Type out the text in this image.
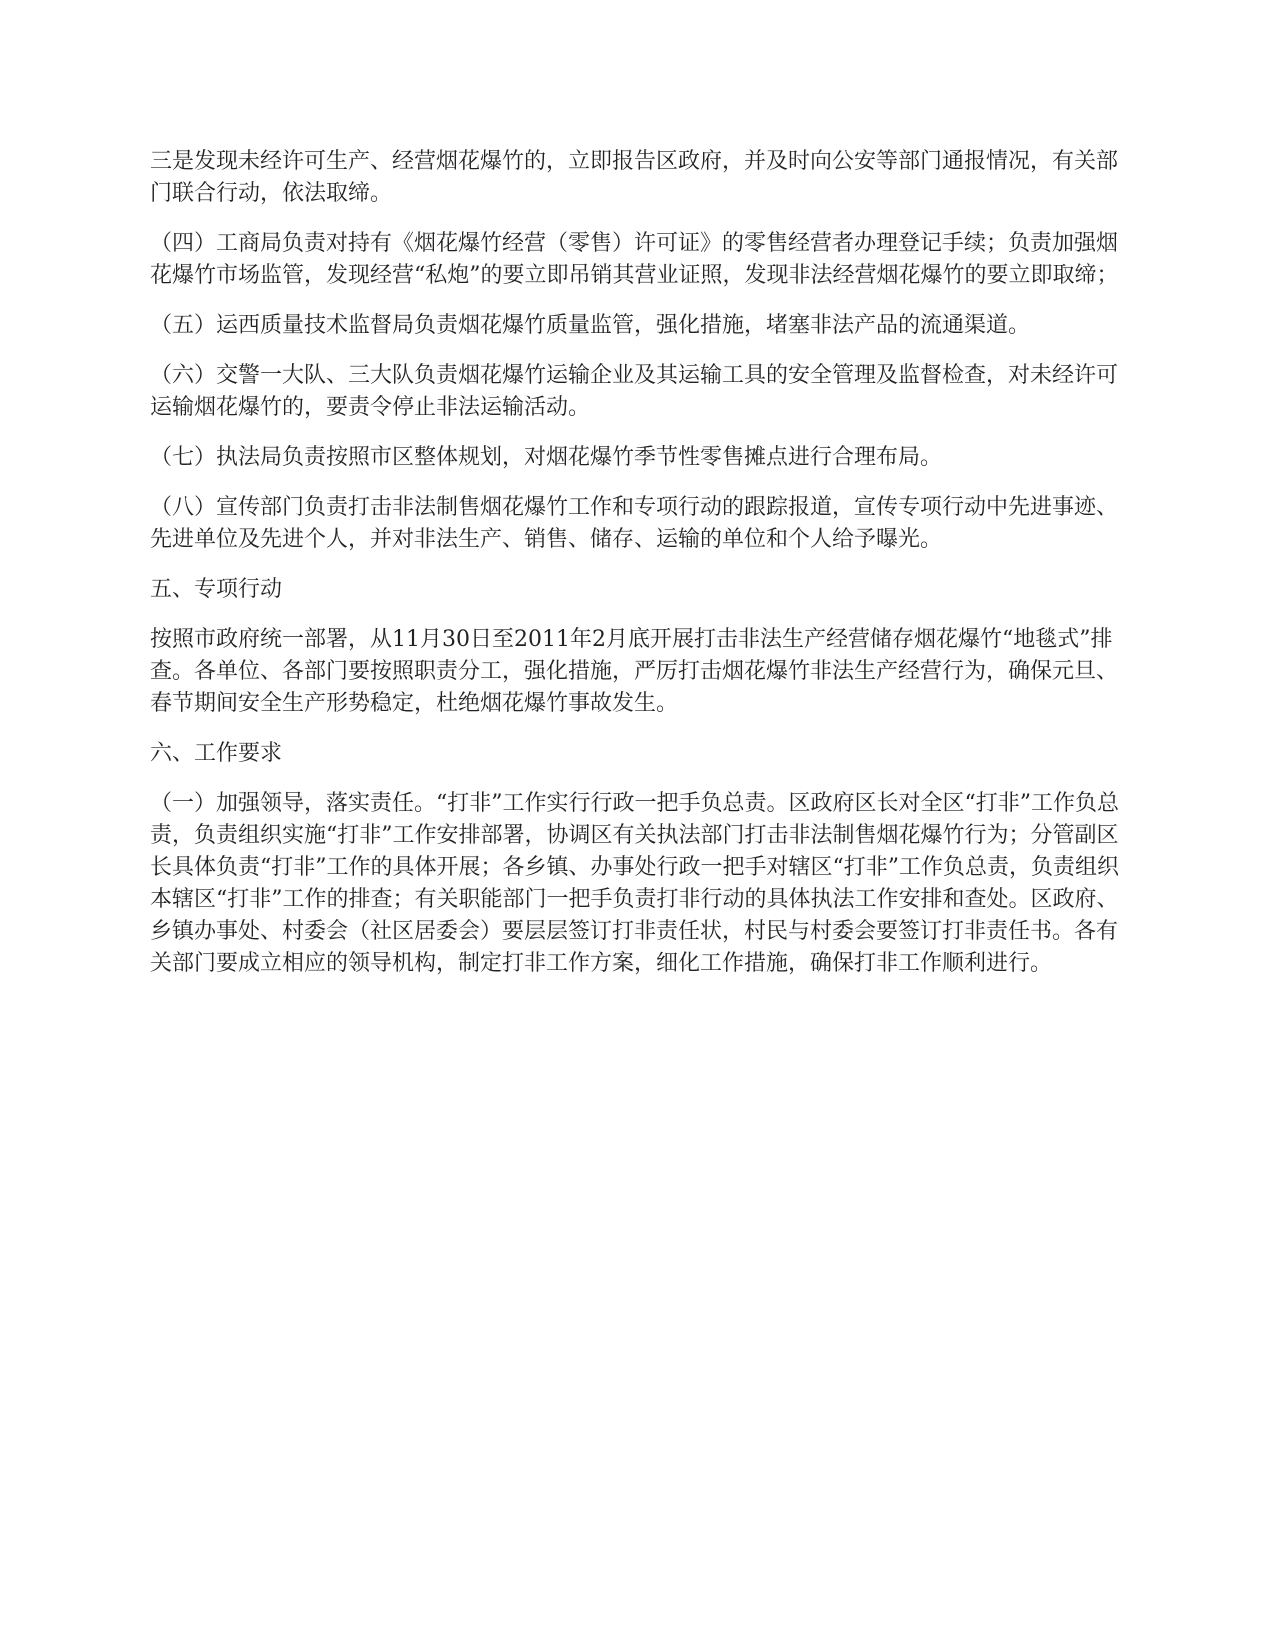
三是发现未经许可生产、经营烟花爆竹的，立即报告区政府，并及时向公安等部门通报情况，有关部门联合行动，依法取缔。

（四）工商局负责对持有《烟花爆竹经营（零售）许可证》的零售经营者办理登记手续；负责加强烟花爆竹市场监管，发现经营“私炮”的要立即吊销其营业证照，发现非法经营烟花爆竹的要立即取缔；

（五）运西质量技术监督局负责烟花爆竹质量监管，强化措施，堵塞非法产品的流通渠道。

（六）交警一大队、三大队负责烟花爆竹运输企业及其运输工具的安全管理及监督检查，对未经许可运输烟花爆竹的，要责令停止非法运输活动。

（七）执法局负责按照市区整体规划，对烟花爆竹季节性零售摊点进行合理布局。

（八）宣传部门负责打击非法制售烟花爆竹工作和专项行动的跟踪报道，宣传专项行动中先进事迹、先进单位及先进个人，并对非法生产、销售、储存、运输的单位和个人给予曝光。

五、专项行动

按照市政府统一部署，从11月30日至2011年2月底开展打击非法生产经营储存烟花爆竹“地毯式”排查。各单位、各部门要按照职责分工，强化措施，严厉打击烟花爆竹非法生产经营行为，确保元旦、春节期间安全生产形势稳定，杜绝烟花爆竹事故发生。

六、工作要求

（一）加强领导，落实责任。“打非”工作实行行政一把手负总责。区政府区长对全区“打非”工作负总责，负责组织实施“打非”工作安排部署，协调区有关执法部门打击非法制售烟花爆竹行为；分管副区长具体负责“打非”工作的具体开展；各乡镇、办事处行政一把手对辖区“打非”工作负总责，负责组织本辖区“打非”工作的排查；有关职能部门一把手负责打非行动的具体执法工作安排和查处。区政府、乡镇办事处、村委会（社区居委会）要层层签订打非责任状，村民与村委会要签订打非责任书。各有关部门要成立相应的领导机构，制定打非工作方案，细化工作措施，确保打非工作顺利进行。
